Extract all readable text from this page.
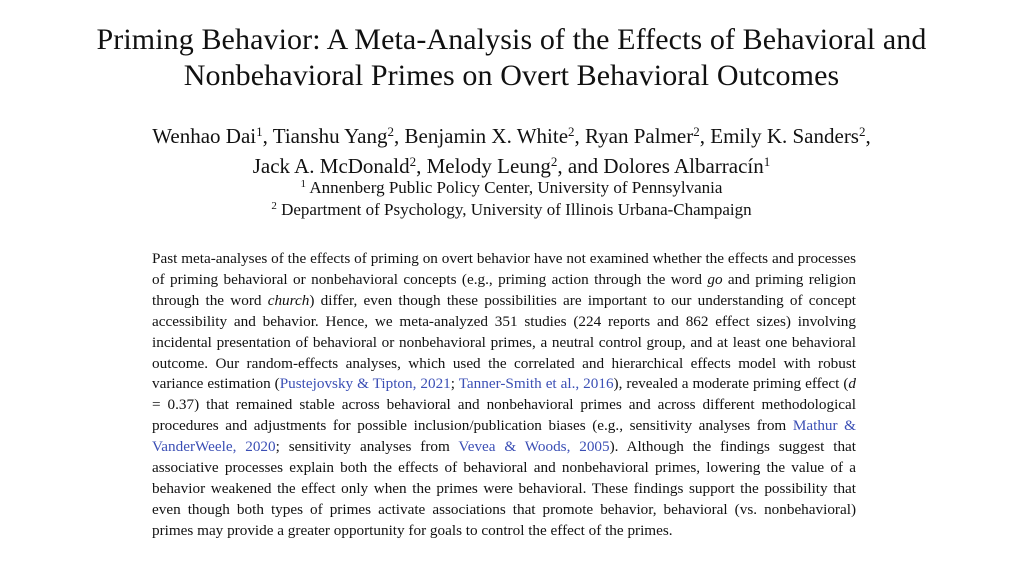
Priming Behavior: A Meta-Analysis of the Effects of Behavioral and
Nonbehavioral Primes on Overt Behavioral Outcomes

Wenhao Dai$^1$, Tianshu Yang$^2$, Benjamin X. White$^2$, Ryan Palmer$^2$, Emily K. Sanders$^2$,
Jack A. McDonald$^2$, Melody Leung$^2$, and Dolores Albarracín$^1$

$^1$ Annenberg Public Policy Center, University of Pennsylvania
$^2$ Department of Psychology, University of Illinois Urbana-Champaign

Past meta-analyses of the effects of priming on overt behavior have not examined whether the effects and processes of priming behavioral or nonbehavioral concepts (e.g., priming action through the word go and priming religion through the word church) differ, even though these possibilities are important to our understanding of concept accessibility and behavior. Hence, we meta-analyzed 351 studies (224 reports and 862 effect sizes) involving incidental presentation of behavioral or nonbehavioral primes, a neutral control group, and at least one behavioral outcome. Our random-effects analyses, which used the correlated and hierarchical effects model with robust variance estimation (Pustejovsky & Tipton, 2021; Tanner-Smith et al., 2016), revealed a moderate priming effect (d = 0.37) that remained stable across behavioral and nonbehavioral primes and across different methodological procedures and adjustments for possible inclusion/publication biases (e.g., sensitivity analyses from Mathur & VanderWeele, 2020; sensitivity analyses from Vevea & Woods, 2005). Although the findings suggest that associative processes explain both the effects of behavioral and nonbehavioral primes, lowering the value of a behavior weakened the effect only when the primes were behavioral. These findings support the possibility that even though both types of primes activate associations that promote behavior, behavioral (vs. nonbehavioral) primes may provide a greater opportunity for goals to control the effect of the primes.
